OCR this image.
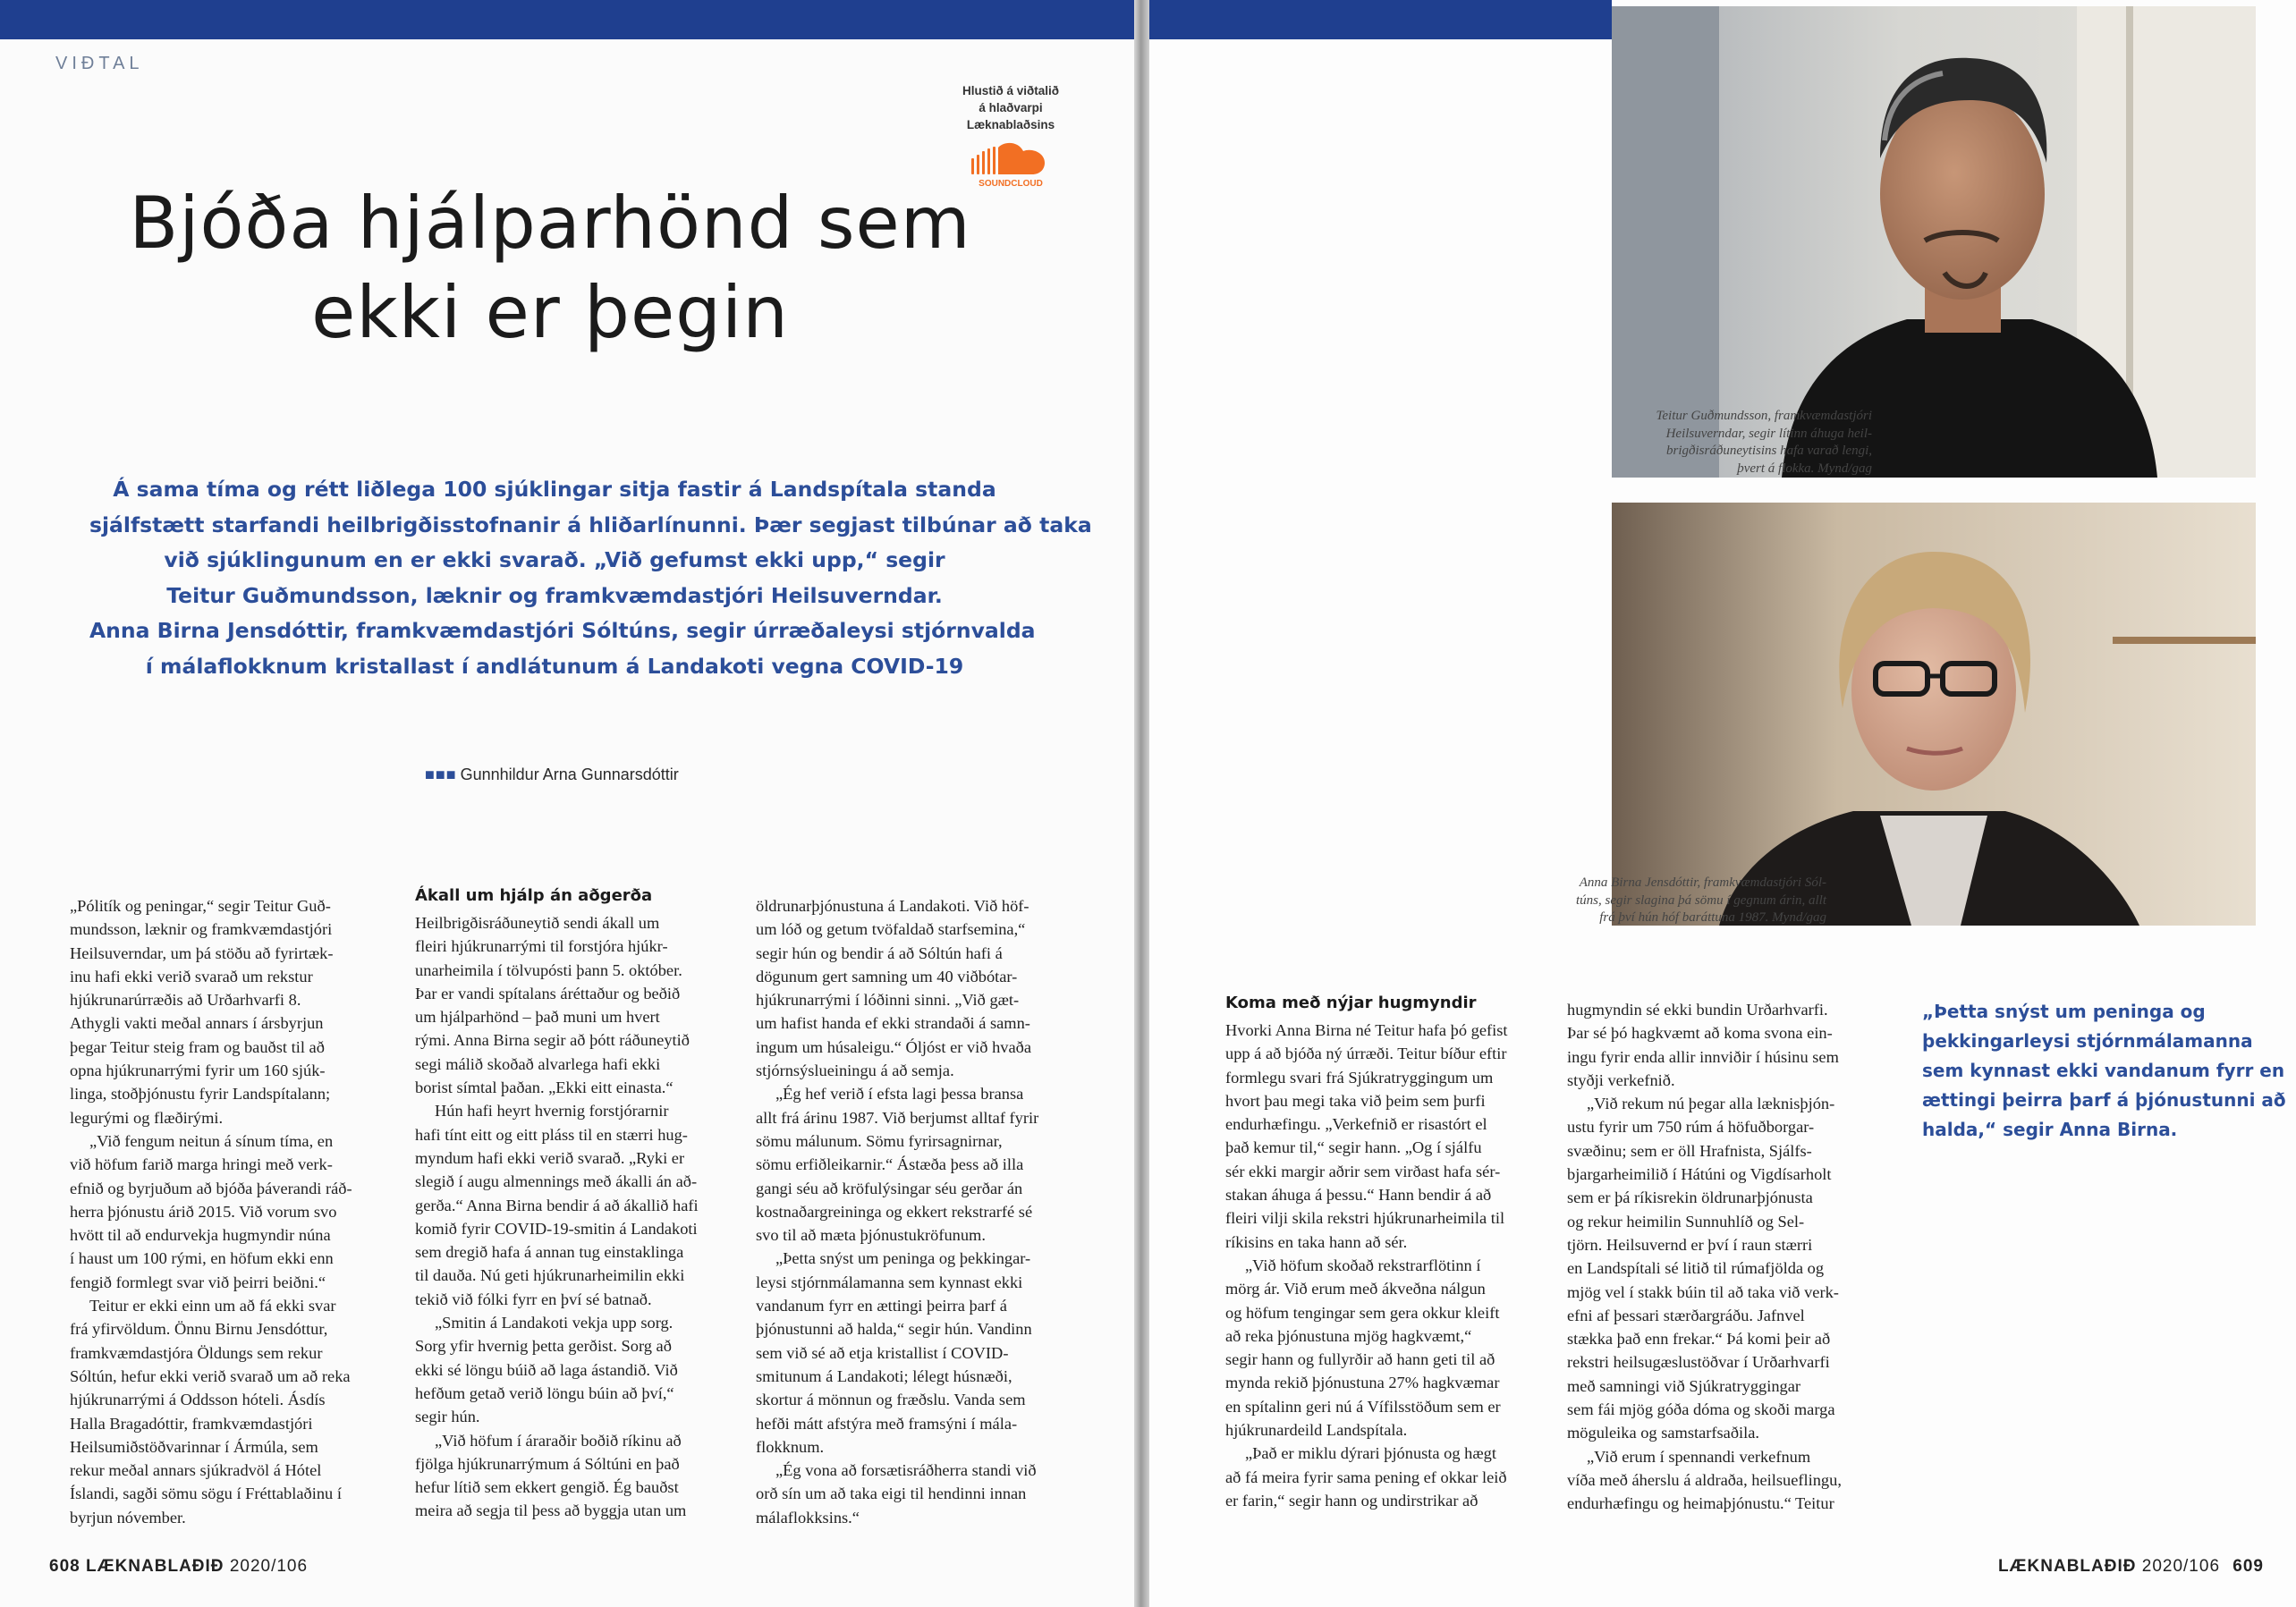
VIÐTAL
Hlustið á viðtalið
á hlaðvarpi
Læknablaðsins
SOUNDCLOUD
Bjóða hjálparhönd sem
ekki er þegin
Á sama tíma og rétt liðlega 100 sjúklingar sitja fastir á Landspítala standa
sjálfstætt starfandi heilbrigðisstofnanir á hliðarlínunni. Þær segjast tilbúnar að taka
við sjúklingunum en er ekki svarað. „Við gefumst ekki upp,“ segir
Teitur Guðmundsson, læknir og framkvæmdastjóri Heilsuverndar.
Anna Birna Jensdóttir, framkvæmdastjóri Sóltúns, segir úrræðaleysi stjórnvalda
í málaflokknum kristallast í andlátunum á Landakoti vegna COVID-19
■■■ Gunnhildur Arna Gunnarsdóttir
„Pólitík og peningar,“ segir Teitur Guð-
mundsson, læknir og framkvæmdastjóri
Heilsuverndar, um þá stöðu að fyrirtæk-
inu hafi ekki verið svarað um rekstur
hjúkrunarúrræðis að Urðarhvarfi 8.
Athygli vakti meðal annars í ársbyrjun
þegar Teitur steig fram og bauðst til að
opna hjúkrunarrými fyrir um 160 sjúk-
linga, stoðþjónustu fyrir Landspítalann;
legurými og flæðirými.
„Við fengum neitun á sínum tíma, en
við höfum farið marga hringi með verk-
efnið og byrjuðum að bjóða þáverandi ráð-
herra þjónustu árið 2015. Við vorum svo
hvött til að endurvekja hugmyndir núna
í haust um 100 rými, en höfum ekki enn
fengið formlegt svar við þeirri beiðni.“
Teitur er ekki einn um að fá ekki svar
frá yfirvöldum. Önnu Birnu Jensdóttur,
framkvæmdastjóra Öldungs sem rekur
Sóltún, hefur ekki verið svarað um að reka
hjúkrunarrými á Oddsson hóteli. Ásdís
Halla Bragadóttir, framkvæmdastjóri
Heilsumiðstöðvarinnar í Ármúla, sem
rekur meðal annars sjúkradvöl á Hótel
Íslandi, sagði sömu sögu í Fréttablaðinu í
byrjun nóvember.
Ákall um hjálp án aðgerða
Heilbrigðisráðuneytið sendi ákall um
fleiri hjúkrunarrými til forstjóra hjúkr-
unarheimila í tölvupósti þann 5. október.
Þar er vandi spítalans áréttaður og beðið
um hjálparhönd – það muni um hvert
rými. Anna Birna segir að þótt ráðuneytið
segi málið skoðað alvarlega hafi ekki
borist símtal þaðan. „Ekki eitt einasta.“
Hún hafi heyrt hvernig forstjórarnir
hafi tínt eitt og eitt pláss til en stærri hug-
myndum hafi ekki verið svarað. „Ryki er
slegið í augu almennings með ákalli án að-
gerða.“ Anna Birna bendir á að ákallið hafi
komið fyrir COVID-19-smitin á Landakoti
sem dregið hafa á annan tug einstaklinga
til dauða. Nú geti hjúkrunarheimilin ekki
tekið við fólki fyrr en því sé batnað.
„Smitin á Landakoti vekja upp sorg.
Sorg yfir hvernig þetta gerðist. Sorg að
ekki sé löngu búið að laga ástandið. Við
hefðum getað verið löngu búin að því,“
segir hún.
„Við höfum í áraraðir boðið ríkinu að
fjölga hjúkrunarrýmum á Sóltúni en það
hefur lítið sem ekkert gengið. Ég bauðst
meira að segja til þess að byggja utan um
öldrunarþjónustuna á Landakoti. Við höf-
um lóð og getum tvöfaldað starfsemina,“
segir hún og bendir á að Sóltún hafi á
dögunum gert samning um 40 viðbótar-
hjúkrunarrými í lóðinni sinni. „Við gæt-
um hafist handa ef ekki strandaði á samn-
ingum um húsaleigu.“ Óljóst er við hvaða
stjórnsýslueiningu á að semja.
„Ég hef verið í efsta lagi þessa bransa
allt frá árinu 1987. Við berjumst alltaf fyrir
sömu málunum. Sömu fyrirsagnirnar,
sömu erfiðleikarnir.“ Ástæða þess að illa
gangi séu að kröfulýsingar séu gerðar án
kostnaðargreininga og ekkert rekstrarfé sé
svo til að mæta þjónustukröfunum.
„Þetta snýst um peninga og þekkingar-
leysi stjórnmálamanna sem kynnast ekki
vandanum fyrr en ættingi þeirra þarf á
þjónustunni að halda,“ segir hún. Vandinn
sem við sé að etja kristallist í COVID-
smitunum á Landakoti; lélegt húsnæði,
skortur á mönnun og fræðslu. Vanda sem
hefði mátt afstýra með framsýni í mála-
flokknum.
„Ég vona að forsætisráðherra standi við
orð sín um að taka eigi til hendinni innan
málaflokksins.“
608 LÆKNABLAÐIÐ 2020/106
Teitur Guðmundsson, framkvæmdastjóri
Heilsuverndar, segir lítinn áhuga heil-
brigðisráðuneytisins hafa varað lengi,
þvert á flokka. Mynd/gag
Anna Birna Jensdóttir, framkvæmdastjóri Sól-
túns, segir slagina þá sömu í gegnum árin, allt
frá því hún hóf baráttuna 1987. Mynd/gag
Koma með nýjar hugmyndir
Hvorki Anna Birna né Teitur hafa þó gefist
upp á að bjóða ný úrræði. Teitur bíður eftir
formlegu svari frá Sjúkratryggingum um
hvort þau megi taka við þeim sem þurfi
endurhæfingu. „Verkefnið er risastórt el
það kemur til,“ segir hann. „Og í sjálfu
sér ekki margir aðrir sem virðast hafa sér-
stakan áhuga á þessu.“ Hann bendir á að
fleiri vilji skila rekstri hjúkrunarheimila til
ríkisins en taka hann að sér.
„Við höfum skoðað rekstrarflötinn í
mörg ár. Við erum með ákveðna nálgun
og höfum tengingar sem gera okkur kleift
að reka þjónustuna mjög hagkvæmt,“
segir hann og fullyrðir að hann geti til að
mynda rekið þjónustuna 27% hagkvæmar
en spítalinn geri nú á Vífilsstöðum sem er
hjúkrunardeild Landspítala.
„Það er miklu dýrari þjónusta og hægt
að fá meira fyrir sama pening ef okkar leið
er farin,“ segir hann og undirstrikar að
hugmyndin sé ekki bundin Urðarhvarfi.
Þar sé þó hagkvæmt að koma svona ein-
ingu fyrir enda allir innviðir í húsinu sem
styðji verkefnið.
„Við rekum nú þegar alla læknisþjón-
ustu fyrir um 750 rúm á höfuðborgar-
svæðinu; sem er öll Hrafnista, Sjálfs-
bjargarheimilið í Hátúni og Vigdísarholt
sem er þá ríkisrekin öldrunarþjónusta
og rekur heimilin Sunnuhlíð og Sel-
tjörn. Heilsuvernd er því í raun stærri
en Landspítali sé litið til rúmafjölda og
mjög vel í stakk búin til að taka við verk-
efni af þessari stærðargráðu. Jafnvel
stækka það enn frekar.“ Þá komi þeir að
rekstri heilsugæslustöðvar í Urðarhvarfi
með samningi við Sjúkratryggingar
sem fái mjög góða dóma og skoði marga
möguleika og samstarfsaðila.
„Við erum í spennandi verkefnum
víða með áherslu á aldraða, heilsueflingu,
endurhæfingu og heimaþjónustu.“ Teitur
„Þetta snýst um peninga og
þekkingarleysi stjórnmálamanna
sem kynnast ekki vandanum fyrr en
ættingi þeirra þarf á þjónustunni að
halda,“ segir Anna Birna.
LÆKNABLAÐIÐ 2020/106 609
